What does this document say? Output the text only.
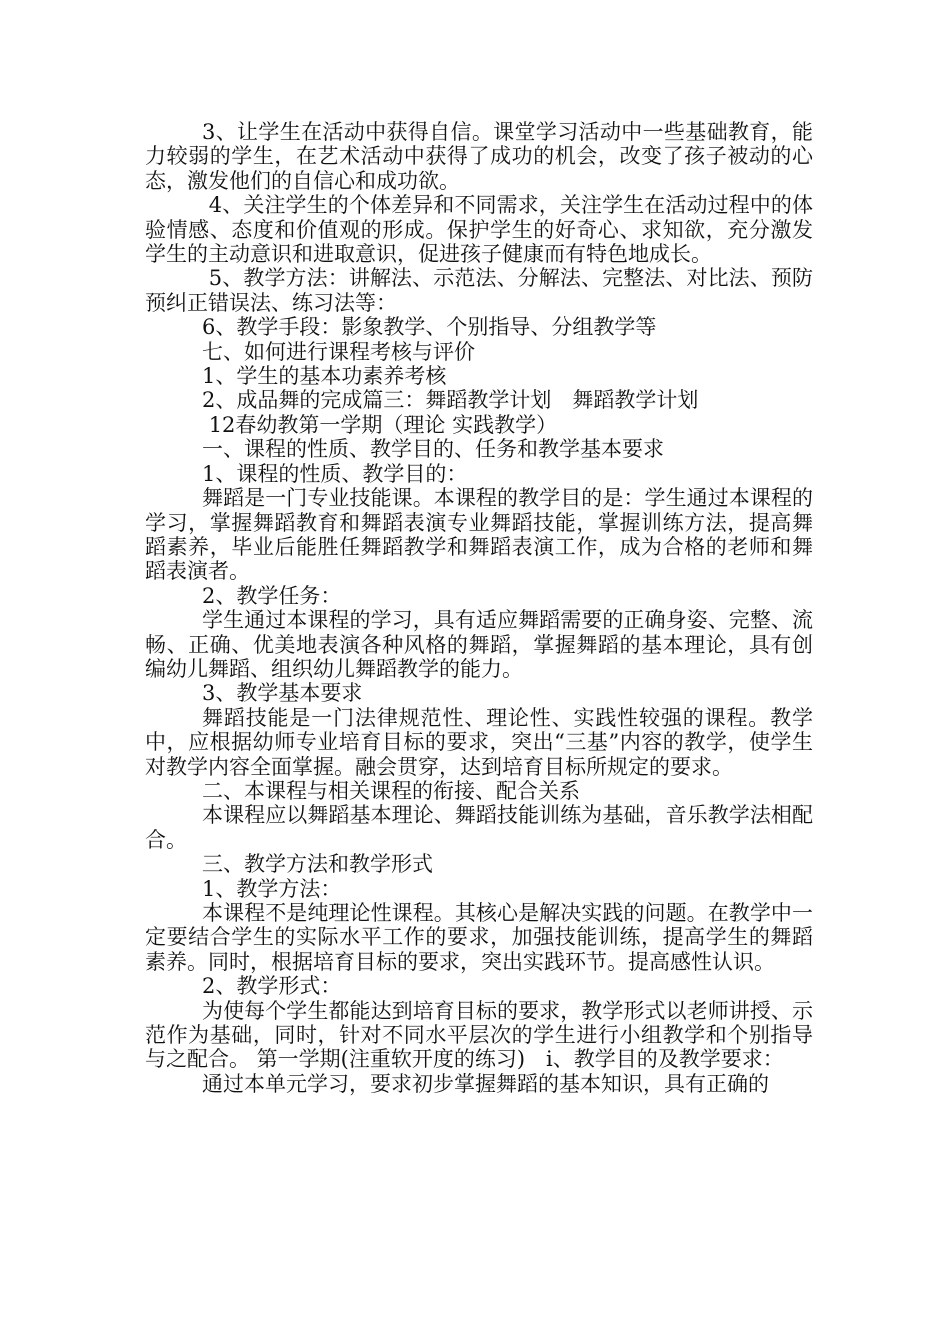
3、让学生在活动中获得自信。课堂学习活动中一些基础教育，能力较弱的学生，在艺术活动中获得了成功的机会，改变了孩子被动的心态，激发他们的自信心和成功欲。

4、关注学生的个体差异和不同需求，关注学生在活动过程中的体验情感、态度和价值观的形成。保护学生的好奇心、求知欲，充分激发学生的主动意识和进取意识，促进孩子健康而有特色地成长。

5、教学方法：讲解法、示范法、分解法、完整法、对比法、预防预纠正错误法、练习法等：

6、教学手段：影象教学、个别指导、分组教学等

七、如何进行课程考核与评价

1、学生的基本功素养考核

2、成品舞的完成篇三：舞蹈教学计划　舞蹈教学计划

12春幼教第一学期（理论 实践教学）

一、课程的性质、教学目的、任务和教学基本要求

1、课程的性质、教学目的：

舞蹈是一门专业技能课。本课程的教学目的是：学生通过本课程的学习，掌握舞蹈教育和舞蹈表演专业舞蹈技能，掌握训练方法，提高舞蹈素养，毕业后能胜任舞蹈教学和舞蹈表演工作，成为合格的老师和舞蹈表演者。

2、教学任务：

学生通过本课程的学习，具有适应舞蹈需要的正确身姿、完整、流畅、正确、优美地表演各种风格的舞蹈，掌握舞蹈的基本理论，具有创编幼儿舞蹈、组织幼儿舞蹈教学的能力。

3、教学基本要求

舞蹈技能是一门法律规范性、理论性、实践性较强的课程。教学中，应根据幼师专业培育目标的要求，突出“三基”内容的教学，使学生对教学内容全面掌握。融会贯穿，达到培育目标所规定的要求。

二、本课程与相关课程的衔接、配合关系

本课程应以舞蹈基本理论、舞蹈技能训练为基础，音乐教学法相配合。

三、教学方法和教学形式

1、教学方法：

本课程不是纯理论性课程。其核心是解决实践的问题。在教学中一定要结合学生的实际水平工作的要求，加强技能训练，提高学生的舞蹈素养。同时，根据培育目标的要求，突出实践环节。提高感性认识。

2、教学形式：

为使每个学生都能达到培育目标的要求，教学形式以老师讲授、示范作为基础，同时，针对不同水平层次的学生进行小组教学和个别指导与之配合。 第一学期(注重软开度的练习)　ⅰ、教学目的及教学要求：

通过本单元学习，要求初步掌握舞蹈的基本知识，具有正确的
